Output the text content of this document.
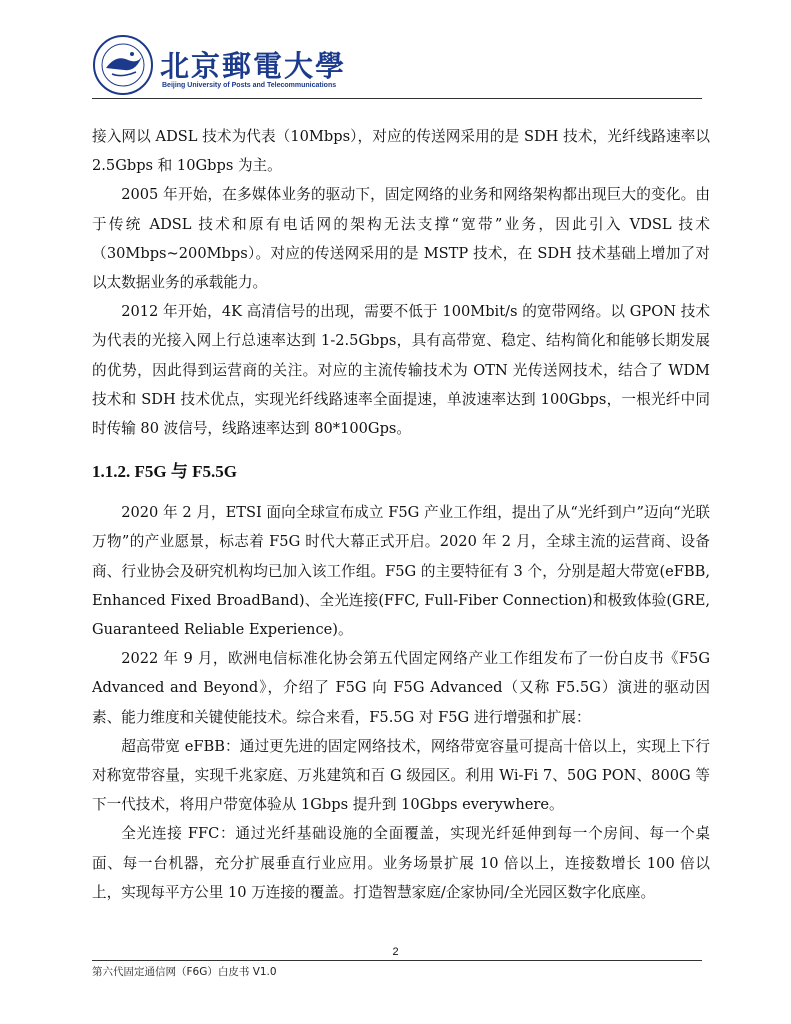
北京郵電大學
Beijing University of Posts and Telecommunications

接入网以 ADSL 技术为代表（10Mbps），对应的传送网采用的是 SDH 技术，光纤线路速率以 2.5Gbps 和 10Gbps 为主。

2005 年开始，在多媒体业务的驱动下，固定网络的业务和网络架构都出现巨大的变化。由于传统 ADSL 技术和原有电话网的架构无法支撑“宽带”业务，因此引入 VDSL 技术（30Mbps~200Mbps）。对应的传送网采用的是 MSTP 技术，在 SDH 技术基础上增加了对以太数据业务的承载能力。

2012 年开始，4K 高清信号的出现，需要不低于 100Mbit/s 的宽带网络。以 GPON 技术为代表的光接入网上行总速率达到 1-2.5Gbps，具有高带宽、稳定、结构简化和能够长期发展的优势，因此得到运营商的关注。对应的主流传输技术为 OTN 光传送网技术，结合了 WDM 技术和 SDH 技术优点，实现光纤线路速率全面提速，单波速率达到 100Gbps，一根光纤中同时传输 80 波信号，线路速率达到 80*100Gps。

1.1.2. F5G 与 F5.5G

2020 年 2 月，ETSI 面向全球宣布成立 F5G 产业工作组，提出了从“光纤到户”迈向“光联万物”的产业愿景，标志着 F5G 时代大幕正式开启。2020 年 2 月，全球主流的运营商、设备商、行业协会及研究机构均已加入该工作组。F5G 的主要特征有 3 个，分别是超大带宽(eFBB, Enhanced Fixed BroadBand)、全光连接(FFC, Full-Fiber Connection)和极致体验(GRE, Guaranteed Reliable Experience)。

2022 年 9 月，欧洲电信标准化协会第五代固定网络产业工作组发布了一份白皮书《F5G Advanced and Beyond》，介绍了 F5G 向 F5G Advanced（又称 F5.5G）演进的驱动因素、能力维度和关键使能技术。综合来看，F5.5G 对 F5G 进行增强和扩展：

超高带宽 eFBB：通过更先进的固定网络技术，网络带宽容量可提高十倍以上，实现上下行对称宽带容量，实现千兆家庭、万兆建筑和百 G 级园区。利用 Wi-Fi 7、50G PON、800G 等下一代技术，将用户带宽体验从 1Gbps 提升到 10Gbps everywhere。

全光连接 FFC：通过光纤基础设施的全面覆盖，实现光纤延伸到每一个房间、每一个桌面、每一台机器，充分扩展垂直行业应用。业务场景扩展 10 倍以上，连接数增长 100 倍以上，实现每平方公里 10 万连接的覆盖。打造智慧家庭/企家协同/全光园区数字化底座。

2
第六代固定通信网（F6G）白皮书 V1.0
